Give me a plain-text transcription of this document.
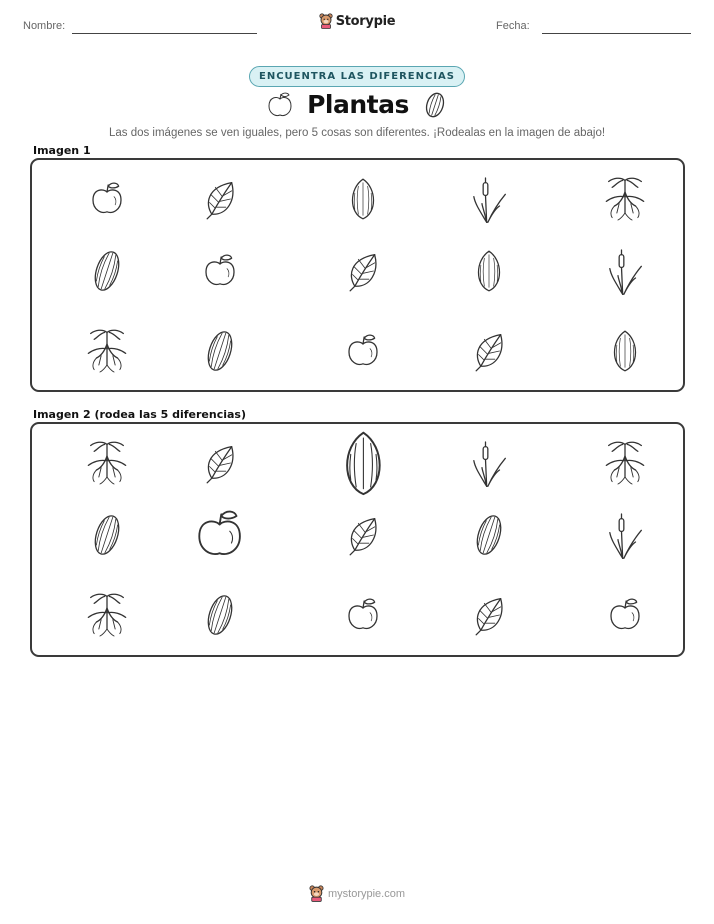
Nombre:	Storypie	Fecha:
ENCUENTRA LAS DIFERENCIAS
Plantas
Las dos imágenes se ven iguales, pero 5 cosas son diferentes. ¡Rodealas en la imagen de abajo!
Imagen 1
Imagen 2 (rodea las 5 diferencias)
mystorypie.com
